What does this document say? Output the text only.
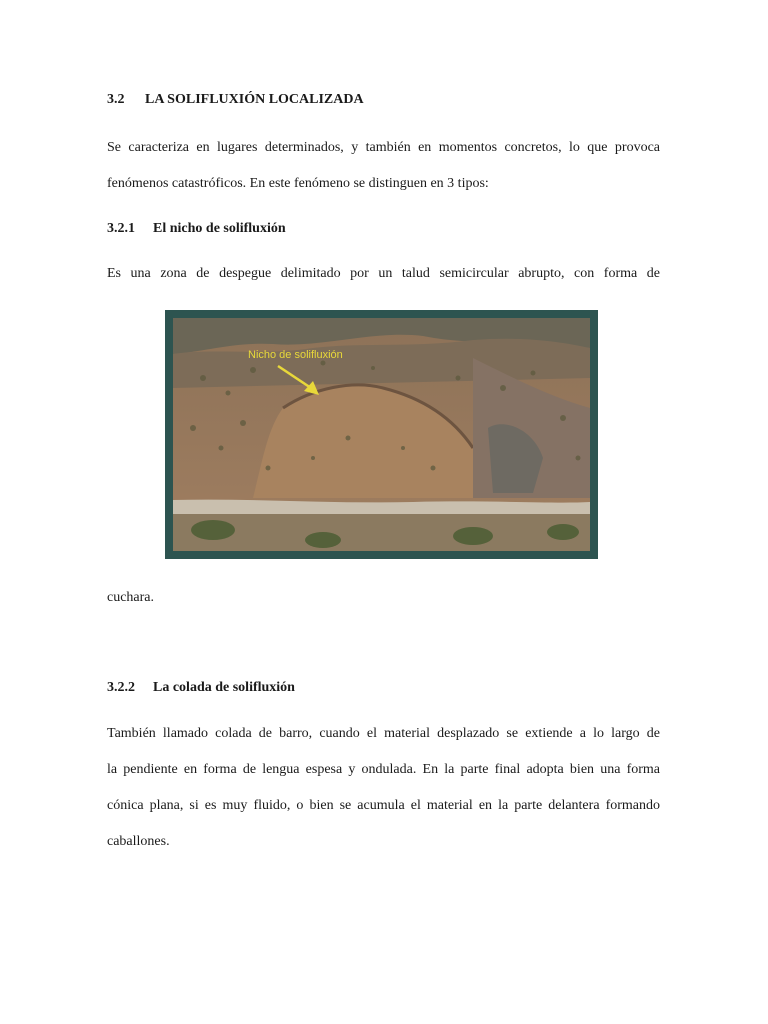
3.2 LA SOLIFLUXIÓN LOCALIZADA

Se caracteriza en lugares determinados, y también en momentos concretos, lo que provoca
fenómenos catastróficos. En este fenómeno se distinguen en 3 tipos:

3.2.1 El nicho de solifluxión

Es una zona de despegue delimitado por un talud semicircular abrupto, con forma de

Nicho de solifluxión

cuchara.

3.2.2 La colada de solifluxión

También llamado colada de barro, cuando el material desplazado se extiende a lo largo de
la pendiente en forma de lengua espesa y ondulada. En la parte final adopta bien una forma
cónica plana, si es muy fluido, o bien se acumula el material en la parte delantera formando
caballones.
